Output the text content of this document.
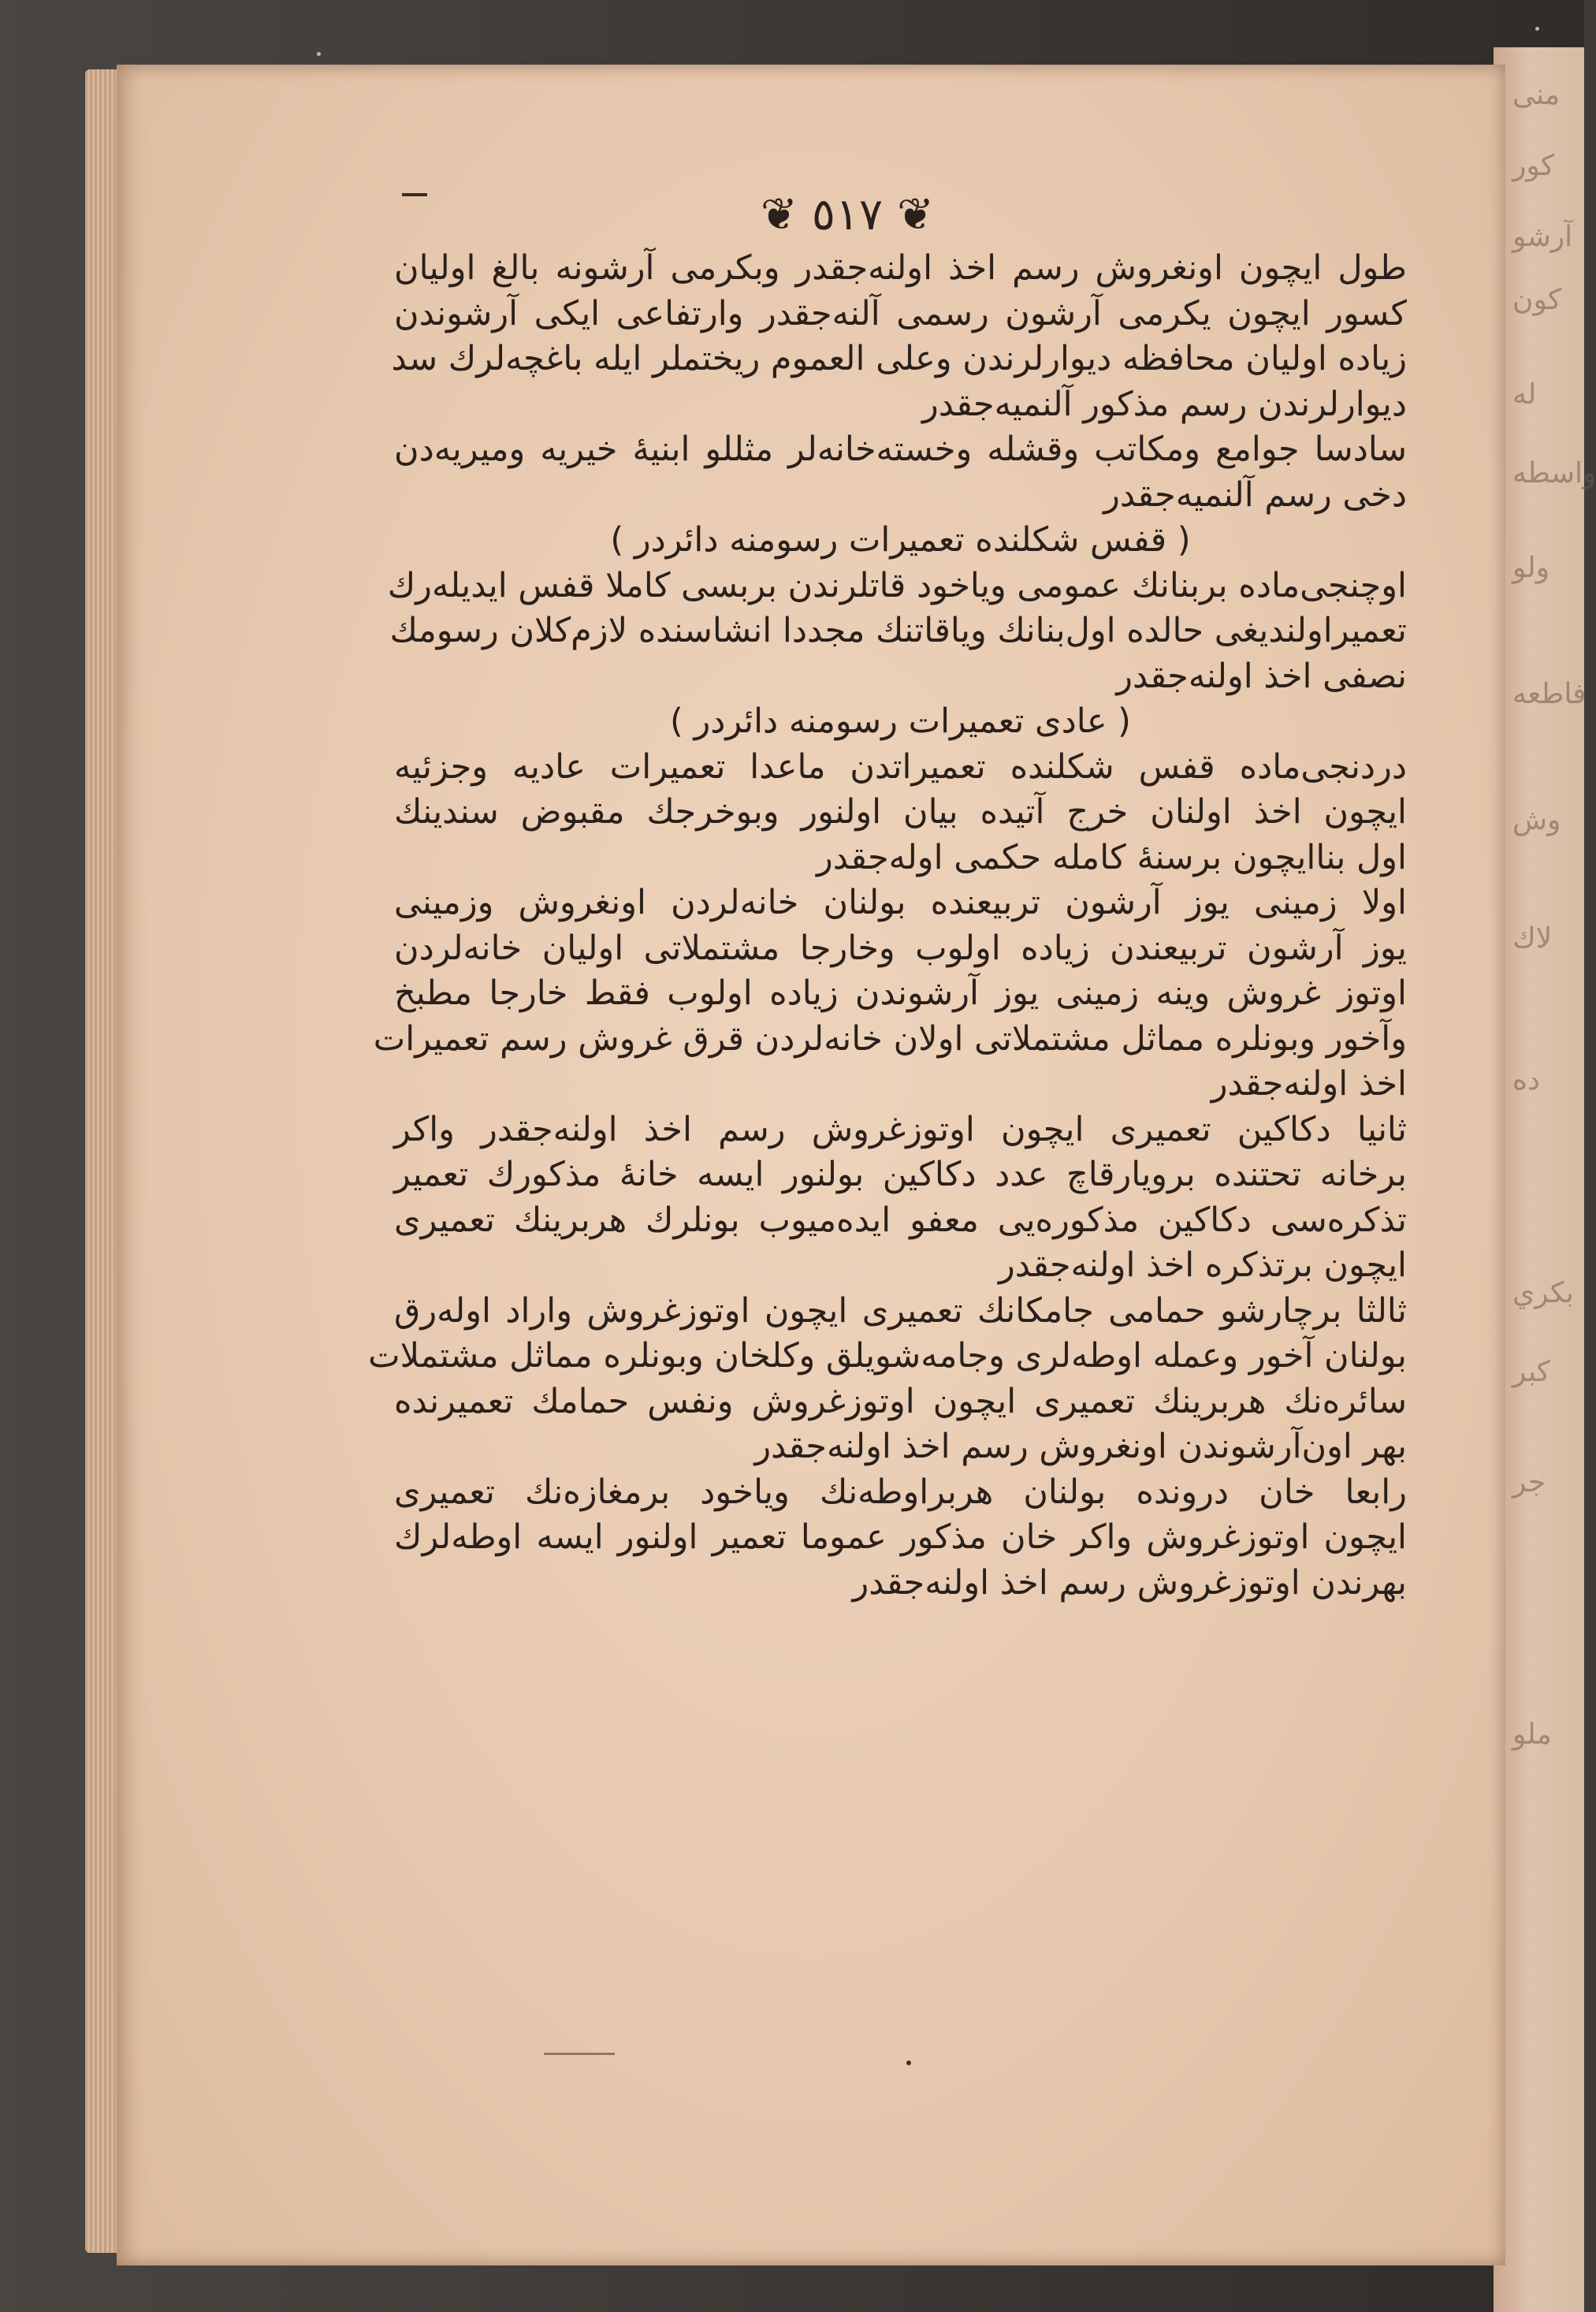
ﻣﻨﯽ
ﮐﻮر
آرشو
کون
ﻟﻪ
واسطه
وﻟﻮ
ﻓﺎﻃﻌﻪ
وش
لاك
ده
بكري
كبر
جر
ملو
❦ ٥١٧ ❦
طول ایچون اونغروش رسم اخذ اولنه‌جقدر وبکرمی آرشونه بالغ اولیان
کسور ایچون یکرمی آرشون رسمی آلنه‌جقدر وارتفاعی ایکی آرشوندن
زیاده اولیان محافظه دیوارلرندن وعلی العموم ریختملر ایله باغچه‌لرك سد
دیوارلرندن رسم مذکور آلنمیه‌جقدر
سادسا جوامع ومکاتب وقشله وخسته‌خانه‌لر مثللو ابنیهٔ خیریه ومیریه‌دن
دخی رسم آلنمیه‌جقدر
( قفس شکلنده تعمیرات رسومنه دائردر )
اوچنجی‌ماده بربنانك عمومی ویاخود قاتلرندن بربسی کاملا قفس ایدیله‌رك
تعمیراولندیغی حالده اول‌بنانك ویاقاتنك مجددا انشاسنده لازم‌کلان رسومك
نصفی اخذ اولنه‌جقدر
( عادی تعمیرات رسومنه دائردر )
دردنجی‌ماده قفس شکلنده تعمیراتدن ماعدا تعمیرات عادیه وجزئیه
ایچون اخذ اولنان خرج آتیده بیان اولنور وبوخرجك مقبوض سندینك
اول بناایچون برسنهٔ کامله حکمی اوله‌جقدر
اولا زمینی یوز آرشون تربیعنده بولنان خانه‌لردن اونغروش وزمینی
یوز آرشون تربیعندن زیاده اولوب وخارجا مشتملاتی اولیان خانه‌لردن
اوتوز غروش وینه زمینی یوز آرشوندن زیاده اولوب فقط خارجا مطبخ
وآخور وبونلره مماثل مشتملاتی اولان خانه‌لردن قرق غروش رسم تعمیرات
اخذ اولنه‌جقدر
ثانیا دکاکین تعمیری ایچون اوتوزغروش رسم اخذ اولنه‌جقدر واکر
برخانه تحتنده برویارقاچ عدد دکاکین بولنور ایسه خانهٔ مذکورك تعمیر
تذکره‌سی دکاکین مذکوره‌یی معفو ایده‌میوب بونلرك هربرینك تعمیری
ایچون برتذکره اخذ اولنه‌جقدر
ثالثا برچارشو حمامی جامکانك تعمیری ایچون اوتوزغروش واراد اوله‌رق
بولنان آخور وعمله اوطه‌لری وجامه‌شویلق وکلخان وبونلره مماثل مشتملات
سائره‌نك هربرینك تعمیری ایچون اوتوزغروش ونفس حمامك تعمیرنده
بهر اون‌آرشوندن اونغروش رسم اخذ اولنه‌جقدر
رابعا خان درونده بولنان هربراوطه‌نك ویاخود برمغازه‌نك تعمیری
ایچون اوتوزغروش واکر خان مذکور عموما تعمیر اولنور ایسه اوطه‌لرك
بهرندن اوتوزغروش رسم اخذ اولنه‌جقدر
